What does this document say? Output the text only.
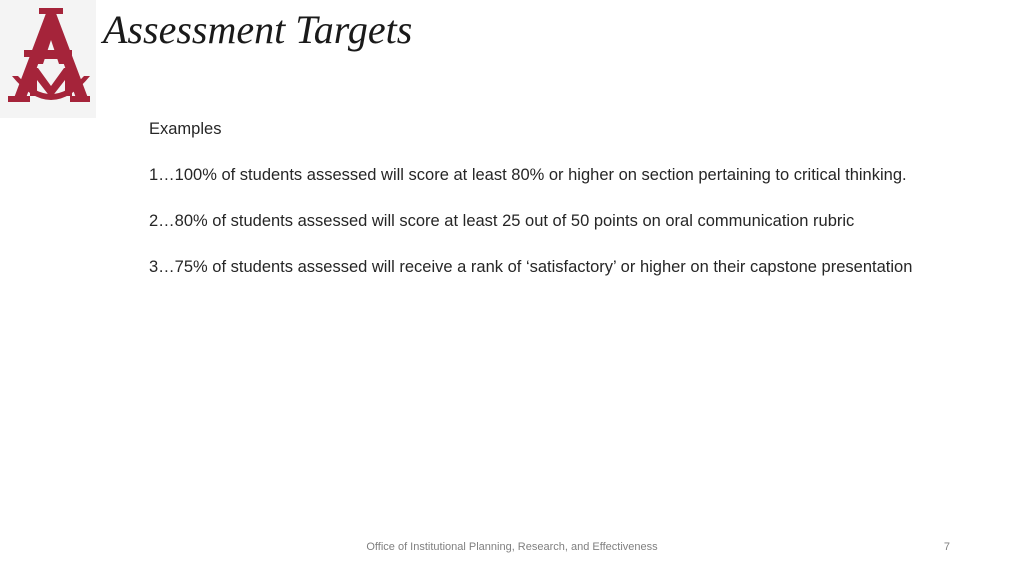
Assessment Targets

Examples

1…100% of students assessed will score at least 80% or higher on section pertaining to critical thinking.

2…80% of students assessed will score at least 25 out of 50 points on oral communication rubric

3…75% of students assessed will receive a rank of ‘satisfactory’ or higher on their capstone presentation

Office of Institutional Planning, Research, and Effectiveness	7
